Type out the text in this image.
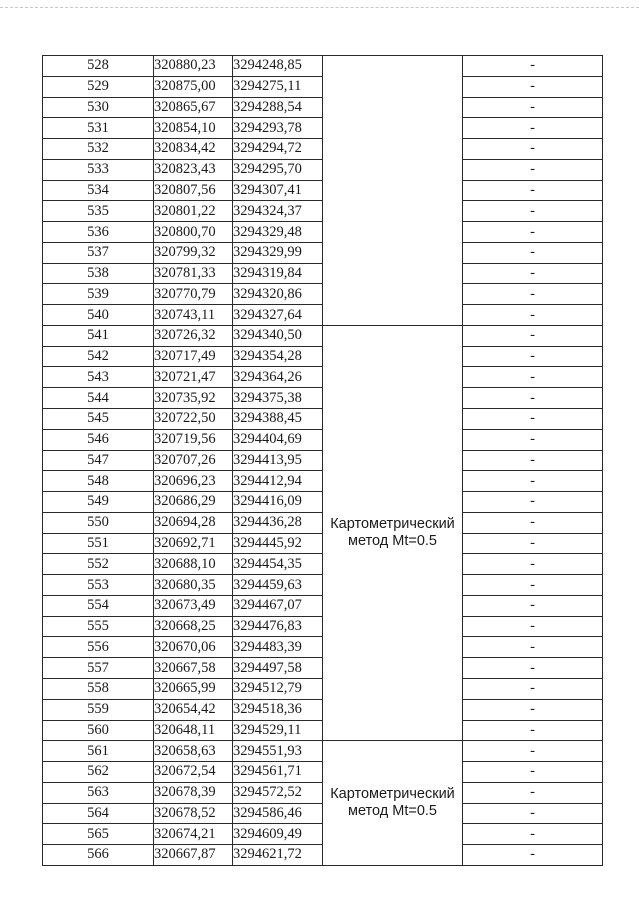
528	320880,23	3294248,85		-
529	320875,00	3294275,11		-
530	320865,67	3294288,54		-
531	320854,10	3294293,78		-
532	320834,42	3294294,72		-
533	320823,43	3294295,70		-
534	320807,56	3294307,41		-
535	320801,22	3294324,37		-
536	320800,70	3294329,48		-
537	320799,32	3294329,99		-
538	320781,33	3294319,84		-
539	320770,79	3294320,86		-
540	320743,11	3294327,64		-
541	320726,32	3294340,50	Картометрический
метод Mt=0.5	-
542	320717,49	3294354,28		-
543	320721,47	3294364,26		-
544	320735,92	3294375,38		-
545	320722,50	3294388,45		-
546	320719,56	3294404,69		-
547	320707,26	3294413,95		-
548	320696,23	3294412,94		-
549	320686,29	3294416,09		-
550	320694,28	3294436,28		-
551	320692,71	3294445,92		-
552	320688,10	3294454,35		-
553	320680,35	3294459,63		-
554	320673,49	3294467,07		-
555	320668,25	3294476,83		-
556	320670,06	3294483,39		-
557	320667,58	3294497,58		-
558	320665,99	3294512,79		-
559	320654,42	3294518,36		-
560	320648,11	3294529,11		-
561	320658,63	3294551,93	Картометрический
метод Mt=0.5	-
562	320672,54	3294561,71		-
563	320678,39	3294572,52		-
564	320678,52	3294586,46		-
565	320674,21	3294609,49		-
566	320667,87	3294621,72		-
